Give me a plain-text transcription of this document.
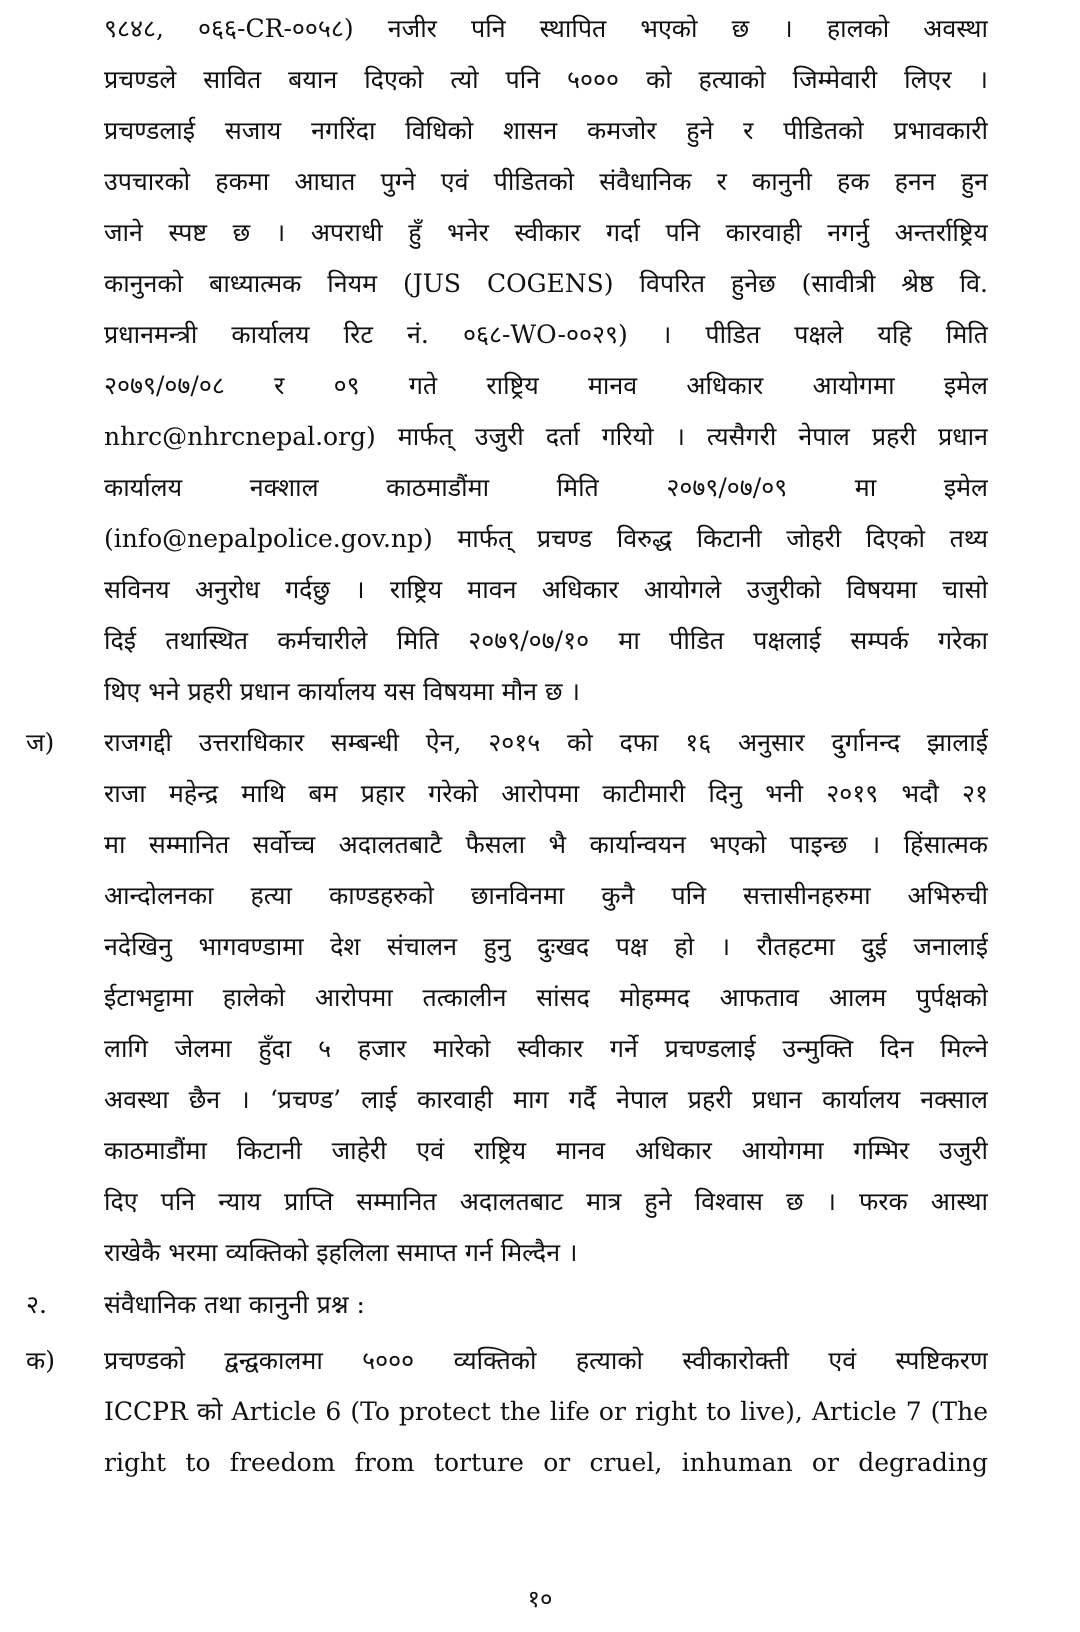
९८४८, ०६६-CR-००५८) नजीर पनि स्थापित भएको छ । हालको अवस्था
प्रचण्डले सावित बयान दिएको त्यो पनि ५००० को हत्याको जिम्मेवारी लिएर ।
प्रचण्डलाई सजाय नगरिंदा विधिको शासन कमजोर हुने र पीडितको प्रभावकारी
उपचारको हकमा आघात पुग्ने एवं पीडितको संवैधानिक र कानुनी हक हनन हुन
जाने स्पष्ट छ । अपराधी हुँ भनेर स्वीकार गर्दा पनि कारवाही नगर्नु अन्तर्राष्ट्रिय
कानुनको बाध्यात्मक नियम (JUS COGENS) विपरित हुनेछ (सावीत्री श्रेष्ठ वि.
प्रधानमन्त्री कार्यालय रिट नं. ०६८-WO-००२९) । पीडित पक्षले यहि मिति
२०७९/०७/०८ र ०९ गते राष्ट्रिय मानव अधिकार आयोगमा इमेल
nhrc@nhrcnepal.org) मार्फत् उजुरी दर्ता गरियो । त्यसैगरी नेपाल प्रहरी प्रधान
कार्यालय नक्शाल काठमाडौंमा मिति २०७९/०७/०९ मा इमेल
(info@nepalpolice.gov.np) मार्फत् प्रचण्ड विरुद्ध किटानी जोहरी दिएको तथ्य
सविनय अनुरोध गर्दछु । राष्ट्रिय मावन अधिकार आयोगले उजुरीको विषयमा चासो
दिई तथास्थित कर्मचारीले मिति २०७९/०७/१० मा पीडित पक्षलाई सम्पर्क गरेका
थिए भने प्रहरी प्रधान कार्यालय यस विषयमा मौन छ ।
ज) राजगद्दी उत्तराधिकार सम्बन्धी ऐन, २०१५ को दफा १६ अनुसार दुर्गानन्द झालाई
राजा महेन्द्र माथि बम प्रहार गरेको आरोपमा काटीमारी दिनु भनी २०१९ भदौ २१
मा सम्मानित सर्वोच्च अदालतबाटै फैसला भै कार्यान्वयन भएको पाइन्छ । हिंसात्मक
आन्दोलनका हत्या काण्डहरुको छानविनमा कुनै पनि सत्तासीनहरुमा अभिरुची
नदेखिनु भागवण्डामा देश संचालन हुनु दुःखद पक्ष हो । रौतहटमा दुई जनालाई
ईटाभट्टामा हालेको आरोपमा तत्कालीन सांसद मोहम्मद आफताव आलम पुर्पक्षको
लागि जेलमा हुँदा ५ हजार मारेको स्वीकार गर्ने प्रचण्डलाई उन्मुक्ति दिन मिल्ने
अवस्था छैन । ‘प्रचण्ड’ लाई कारवाही माग गर्दै नेपाल प्रहरी प्रधान कार्यालय नक्साल
काठमाडौंमा किटानी जाहेरी एवं राष्ट्रिय मानव अधिकार आयोगमा गम्भिर उजुरी
दिए पनि न्याय प्राप्ति सम्मानित अदालतबाट मात्र हुने विश्वास छ । फरक आस्था
राखेकै भरमा व्यक्तिको इहलिला समाप्त गर्न मिल्दैन ।
२. संवैधानिक तथा कानुनी प्रश्न :
क) प्रचण्डको द्वन्द्वकालमा ५००० व्यक्तिको हत्याको स्वीकारोक्ती एवं स्पष्टिकरण
ICCPR को Article 6 (To protect the life or right to live), Article 7 (The
right to freedom from torture or cruel, inhuman or degrading
१०
